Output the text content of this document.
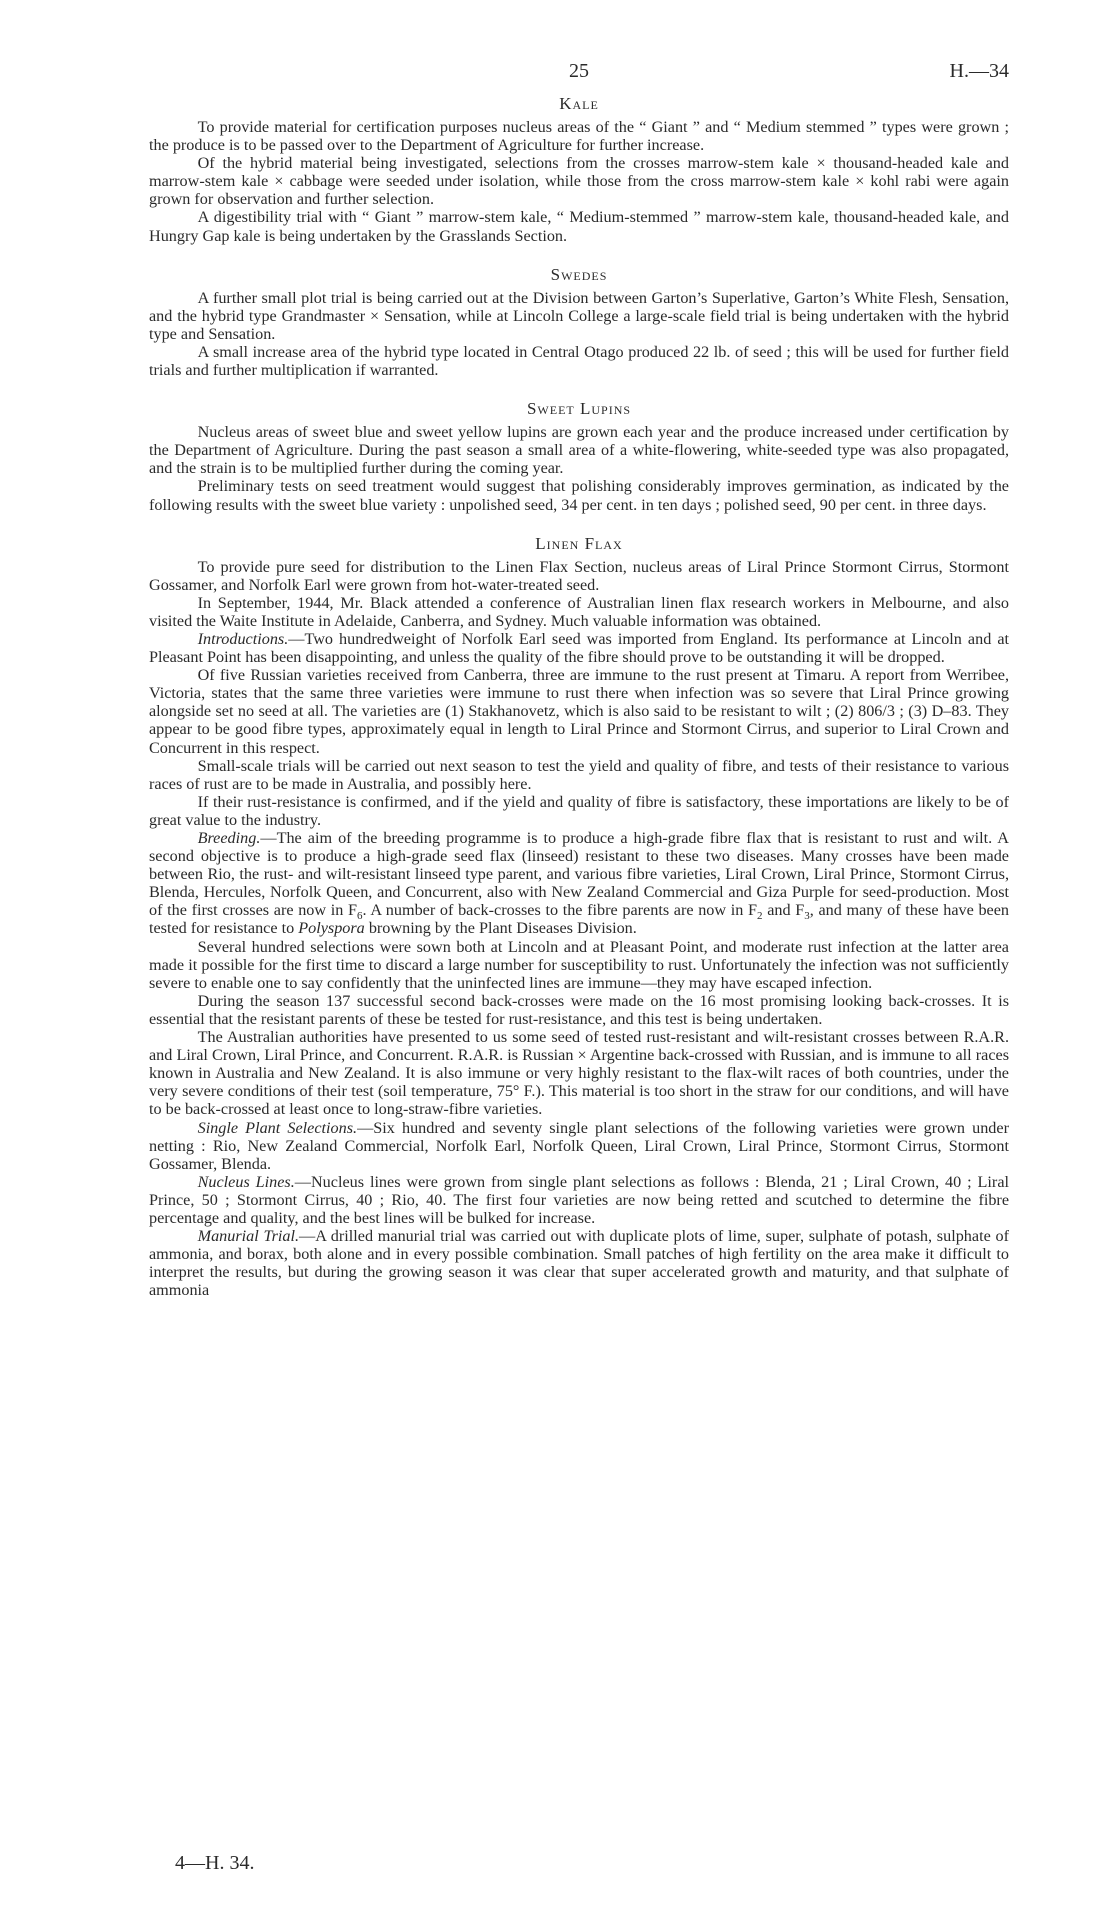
25	H.—34
Kale

To provide material for certification purposes nucleus areas of the “ Giant ” and “ Medium stemmed ” types were grown ; the produce is to be passed over to the Department of Agriculture for further increase.

Of the hybrid material being investigated, selections from the crosses marrow-stem kale × thousand-headed kale and marrow-stem kale × cabbage were seeded under isolation, while those from the cross marrow-stem kale × kohl rabi were again grown for observation and further selection.

A digestibility trial with “ Giant ” marrow-stem kale, “ Medium-stemmed ” marrow-stem kale, thousand-headed kale, and Hungry Gap kale is being undertaken by the Grasslands Section.

Swedes

A further small plot trial is being carried out at the Division between Garton’s Superlative, Garton’s White Flesh, Sensation, and the hybrid type Grandmaster × Sensation, while at Lincoln College a large-scale field trial is being undertaken with the hybrid type and Sensation.

A small increase area of the hybrid type located in Central Otago produced 22 lb. of seed ; this will be used for further field trials and further multiplication if warranted.

Sweet Lupins

Nucleus areas of sweet blue and sweet yellow lupins are grown each year and the produce increased under certification by the Department of Agriculture. During the past season a small area of a white-flowering, white-seeded type was also propagated, and the strain is to be multiplied further during the coming year.

Preliminary tests on seed treatment would suggest that polishing considerably improves germination, as indicated by the following results with the sweet blue variety : unpolished seed, 34 per cent. in ten days ; polished seed, 90 per cent. in three days.

Linen Flax

To provide pure seed for distribution to the Linen Flax Section, nucleus areas of Liral Prince Stormont Cirrus, Stormont Gossamer, and Norfolk Earl were grown from hot-water-treated seed.

In September, 1944, Mr. Black attended a conference of Australian linen flax research workers in Melbourne, and also visited the Waite Institute in Adelaide, Canberra, and Sydney. Much valuable information was obtained.

Introductions.—Two hundredweight of Norfolk Earl seed was imported from England. Its performance at Lincoln and at Pleasant Point has been disappointing, and unless the quality of the fibre should prove to be outstanding it will be dropped.

Of five Russian varieties received from Canberra, three are immune to the rust present at Timaru. A report from Werribee, Victoria, states that the same three varieties were immune to rust there when infection was so severe that Liral Prince growing alongside set no seed at all. The varieties are (1) Stakhanovetz, which is also said to be resistant to wilt ; (2) 806/3 ; (3) D–83. They appear to be good fibre types, approximately equal in length to Liral Prince and Stormont Cirrus, and superior to Liral Crown and Concurrent in this respect.

Small-scale trials will be carried out next season to test the yield and quality of fibre, and tests of their resistance to various races of rust are to be made in Australia, and possibly here.

If their rust-resistance is confirmed, and if the yield and quality of fibre is satisfactory, these importations are likely to be of great value to the industry.

Breeding.—The aim of the breeding programme is to produce a high-grade fibre flax that is resistant to rust and wilt. A second objective is to produce a high-grade seed flax (linseed) resistant to these two diseases. Many crosses have been made between Rio, the rust- and wilt-resistant linseed type parent, and various fibre varieties, Liral Crown, Liral Prince, Stormont Cirrus, Blenda, Hercules, Norfolk Queen, and Concurrent, also with New Zealand Commercial and Giza Purple for seed-production. Most of the first crosses are now in $F_6$. A number of back-crosses to the fibre parents are now in $F_2$ and $F_3$, and many of these have been tested for resistance to Polyspora browning by the Plant Diseases Division.

Several hundred selections were sown both at Lincoln and at Pleasant Point, and moderate rust infection at the latter area made it possible for the first time to discard a large number for susceptibility to rust. Unfortunately the infection was not sufficiently severe to enable one to say confidently that the uninfected lines are immune—they may have escaped infection.

During the season 137 successful second back-crosses were made on the 16 most promising looking back-crosses. It is essential that the resistant parents of these be tested for rust-resistance, and this test is being undertaken.

The Australian authorities have presented to us some seed of tested rust-resistant and wilt-resistant crosses between R.A.R. and Liral Crown, Liral Prince, and Concurrent. R.A.R. is Russian × Argentine back-crossed with Russian, and is immune to all races known in Australia and New Zealand. It is also immune or very highly resistant to the flax-wilt races of both countries, under the very severe conditions of their test (soil temperature, 75° F.). This material is too short in the straw for our conditions, and will have to be back-crossed at least once to long-straw-fibre varieties.

Single Plant Selections.—Six hundred and seventy single plant selections of the following varieties were grown under netting : Rio, New Zealand Commercial, Norfolk Earl, Norfolk Queen, Liral Crown, Liral Prince, Stormont Cirrus, Stormont Gossamer, Blenda.

Nucleus Lines.—Nucleus lines were grown from single plant selections as follows : Blenda, 21 ; Liral Crown, 40 ; Liral Prince, 50 ; Stormont Cirrus, 40 ; Rio, 40. The first four varieties are now being retted and scutched to determine the fibre percentage and quality, and the best lines will be bulked for increase.

Manurial Trial.—A drilled manurial trial was carried out with duplicate plots of lime, super, sulphate of potash, sulphate of ammonia, and borax, both alone and in every possible combination. Small patches of high fertility on the area make it difficult to interpret the results, but during the growing season it was clear that super accelerated growth and maturity, and that sulphate of ammonia

4—H. 34.
